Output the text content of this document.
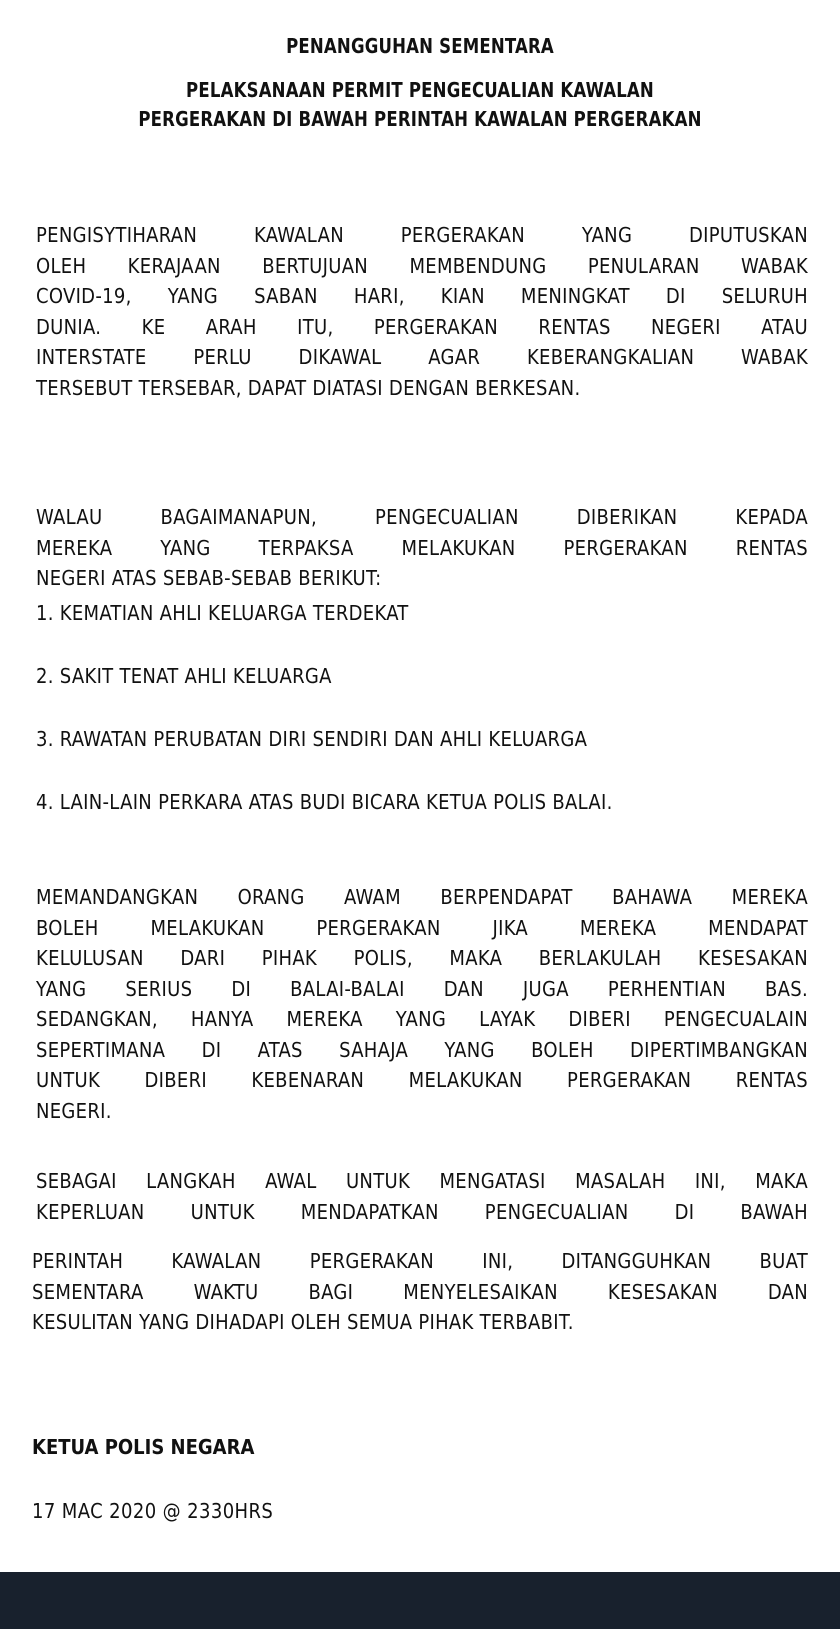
PENANGGUHAN SEMENTARA
PELAKSANAAN PERMIT PENGECUALIAN KAWALAN
PERGERAKAN DI BAWAH PERINTAH KAWALAN PERGERAKAN
PENGISYTIHARAN KAWALAN PERGERAKAN YANG DIPUTUSKAN
OLEH KERAJAAN BERTUJUAN MEMBENDUNG PENULARAN WABAK
COVID-19, YANG SABAN HARI, KIAN MENINGKAT DI SELURUH
DUNIA. KE ARAH ITU, PERGERAKAN RENTAS NEGERI ATAU
INTERSTATE PERLU DIKAWAL AGAR KEBERANGKALIAN WABAK
TERSEBUT TERSEBAR, DAPAT DIATASI DENGAN BERKESAN.
WALAU BAGAIMANAPUN, PENGECUALIAN DIBERIKAN KEPADA
MEREKA YANG TERPAKSA MELAKUKAN PERGERAKAN RENTAS
NEGERI ATAS SEBAB-SEBAB BERIKUT:
1. KEMATIAN AHLI KELUARGA TERDEKAT
2. SAKIT TENAT AHLI KELUARGA
3. RAWATAN PERUBATAN DIRI SENDIRI DAN AHLI KELUARGA
4. LAIN-LAIN PERKARA ATAS BUDI BICARA KETUA POLIS BALAI.
MEMANDANGKAN ORANG AWAM BERPENDAPAT BAHAWA MEREKA
BOLEH MELAKUKAN PERGERAKAN JIKA MEREKA MENDAPAT
KELULUSAN DARI PIHAK POLIS, MAKA BERLAKULAH KESESAKAN
YANG SERIUS DI BALAI-BALAI DAN JUGA PERHENTIAN BAS.
SEDANGKAN, HANYA MEREKA YANG LAYAK DIBERI PENGECUALAIN
SEPERTIMANA DI ATAS SAHAJA YANG BOLEH DIPERTIMBANGKAN
UNTUK DIBERI KEBENARAN MELAKUKAN PERGERAKAN RENTAS
NEGERI.
SEBAGAI LANGKAH AWAL UNTUK MENGATASI MASALAH INI, MAKA
KEPERLUAN UNTUK MENDAPATKAN PENGECUALIAN DI BAWAH
PERINTAH KAWALAN PERGERAKAN INI, DITANGGUHKAN BUAT
SEMENTARA WAKTU BAGI MENYELESAIKAN KESESAKAN DAN
KESULITAN YANG DIHADAPI OLEH SEMUA PIHAK TERBABIT.
KETUA POLIS NEGARA
17 MAC 2020 @ 2330HRS
